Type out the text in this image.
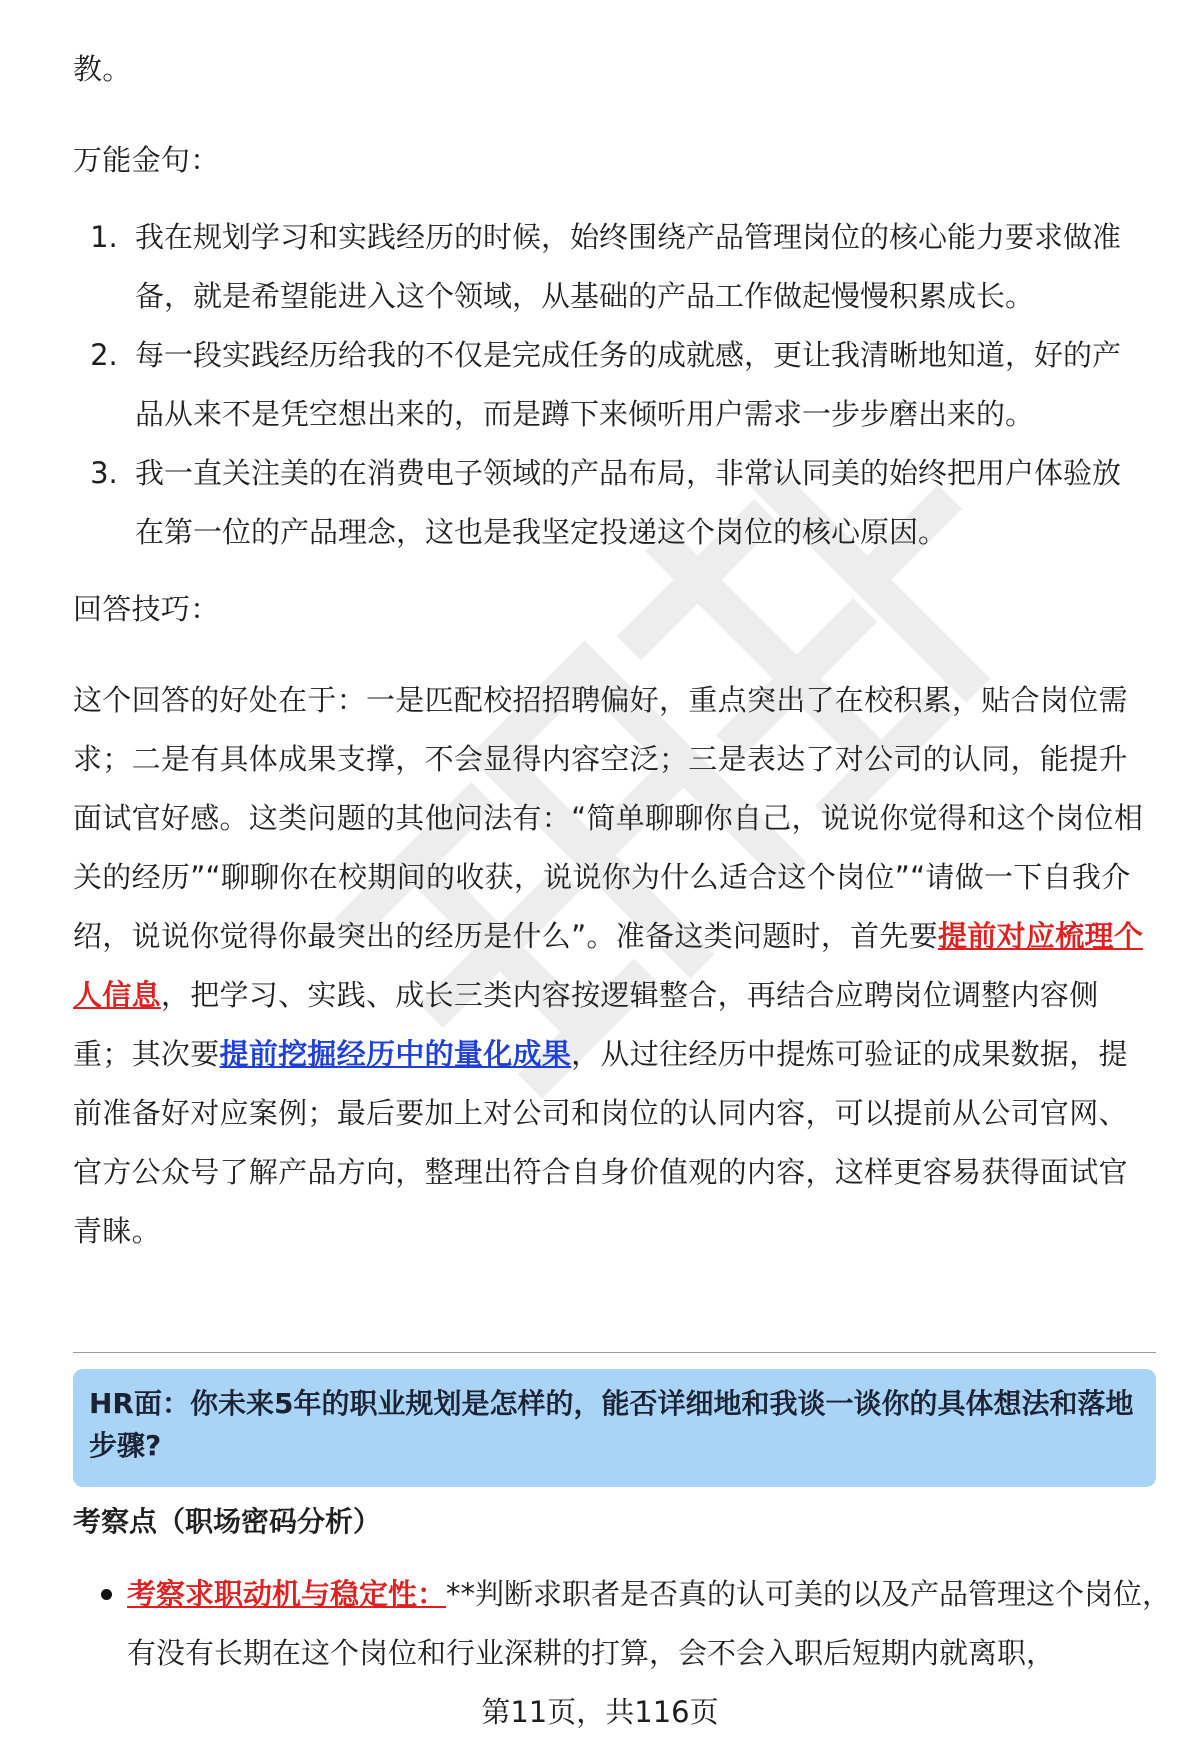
教。

万能金句：

1. 我在规划学习和实践经历的时候，始终围绕产品管理岗位的核心能力要求做准备，就是希望能进入这个领域，从基础的产品工作做起慢慢积累成长。
2. 每一段实践经历给我的不仅是完成任务的成就感，更让我清晰地知道，好的产品从来不是凭空想出来的，而是蹲下来倾听用户需求一步步磨出来的。
3. 我一直关注美的在消费电子领域的产品布局，非常认同美的始终把用户体验放在第一位的产品理念，这也是我坚定投递这个岗位的核心原因。

回答技巧：

这个回答的好处在于：一是匹配校招招聘偏好，重点突出了在校积累，贴合岗位需求；二是有具体成果支撑，不会显得内容空泛；三是表达了对公司的认同，能提升面试官好感。这类问题的其他问法有：“简单聊聊你自己，说说你觉得和这个岗位相关的经历”“聊聊你在校期间的收获，说说你为什么适合这个岗位”“请做一下自我介绍，说说你觉得你最突出的经历是什么”。准备这类问题时，首先要提前对应梳理个人信息，把学习、实践、成长三类内容按逻辑整合，再结合应聘岗位调整内容侧重；其次要提前挖掘经历中的量化成果，从过往经历中提炼可验证的成果数据，提前准备好对应案例；最后要加上对公司和岗位的认同内容，可以提前从公司官网、官方公众号了解产品方向，整理出符合自身价值观的内容，这样更容易获得面试官青睐。

HR面：你未来5年的职业规划是怎样的，能否详细地和我谈一谈你的具体想法和落地步骤?
考察点（职场密码分析）
考察求职动机与稳定性：**判断求职者是否真的认可美的以及产品管理这个岗位，有没有长期在这个岗位和行业深耕的打算，会不会入职后短期内就离职，
第11页，共116页
